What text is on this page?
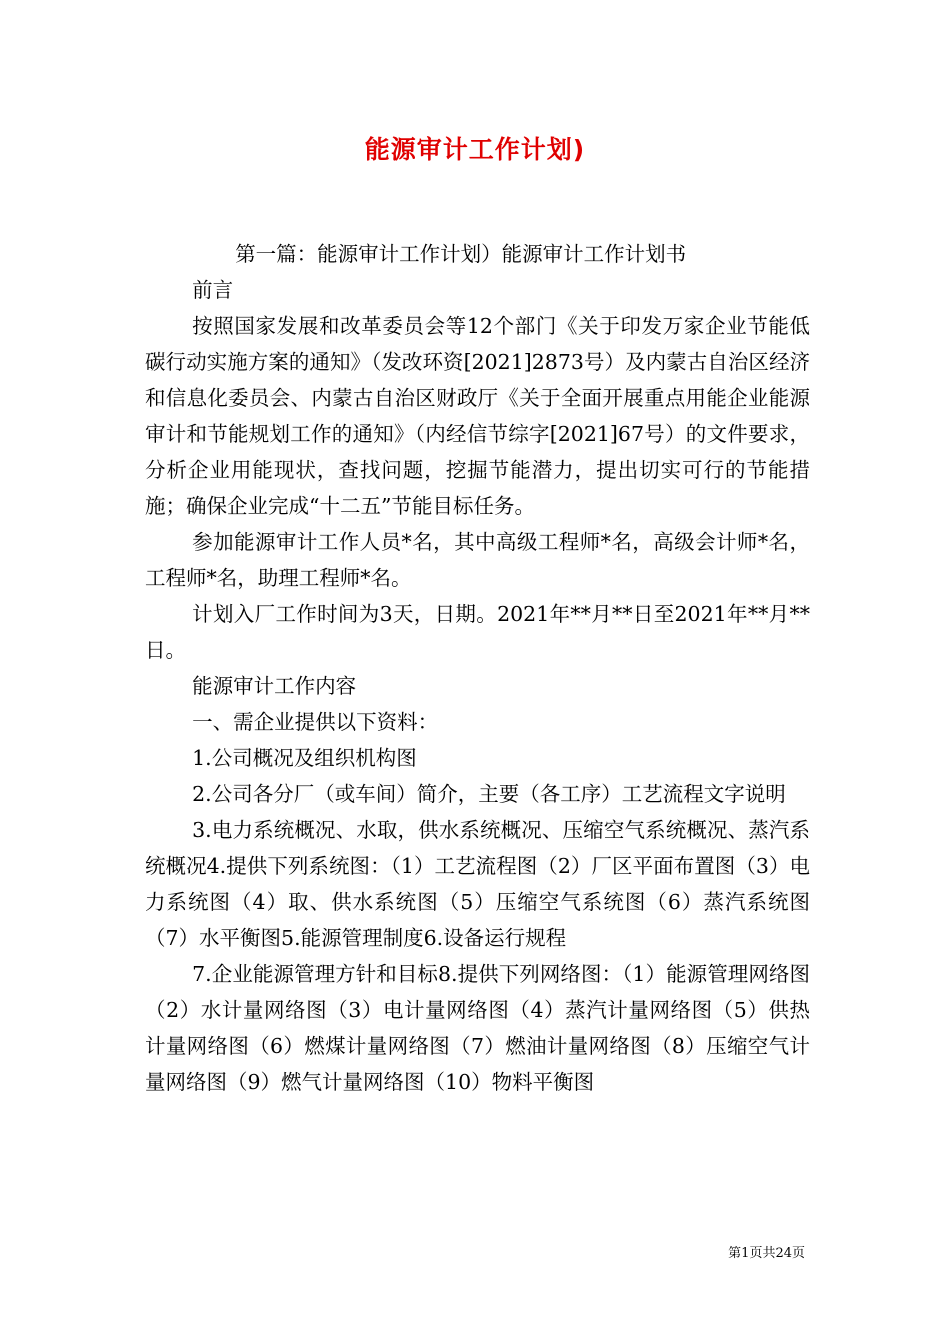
能源审计工作计划)

第一篇：能源审计工作计划）能源审计工作计划书

前言

按照国家发展和改革委员会等12个部门《关于印发万家企业节能低碳行动实施方案的通知》（发改环资[2021]2873号）及内蒙古自治区经济和信息化委员会、内蒙古自治区财政厅《关于全面开展重点用能企业能源审计和节能规划工作的通知》（内经信节综字[2021]67号）的文件要求，分析企业用能现状，查找问题，挖掘节能潜力，提出切实可行的节能措施；确保企业完成“十二五”节能目标任务。

参加能源审计工作人员*名，其中高级工程师*名，高级会计师*名，工程师*名，助理工程师*名。

计划入厂工作时间为3天，日期。2021年**月**日至2021年**月**日。

能源审计工作内容

一、需企业提供以下资料：

1.公司概况及组织机构图

2.公司各分厂（或车间）简介，主要（各工序）工艺流程文字说明

3.电力系统概况、水取，供水系统概况、压缩空气系统概况、蒸汽系统概况4.提供下列系统图：（1）工艺流程图（2）厂区平面布置图（3）电力系统图（4）取、供水系统图（5）压缩空气系统图（6）蒸汽系统图（7）水平衡图5.能源管理制度6.设备运行规程

7.企业能源管理方针和目标8.提供下列网络图：（1）能源管理网络图（2）水计量网络图（3）电计量网络图（4）蒸汽计量网络图（5）供热计量网络图（6）燃煤计量网络图（7）燃油计量网络图（8）压缩空气计量网络图（9）燃气计量网络图（10）物料平衡图

第1页共24页
